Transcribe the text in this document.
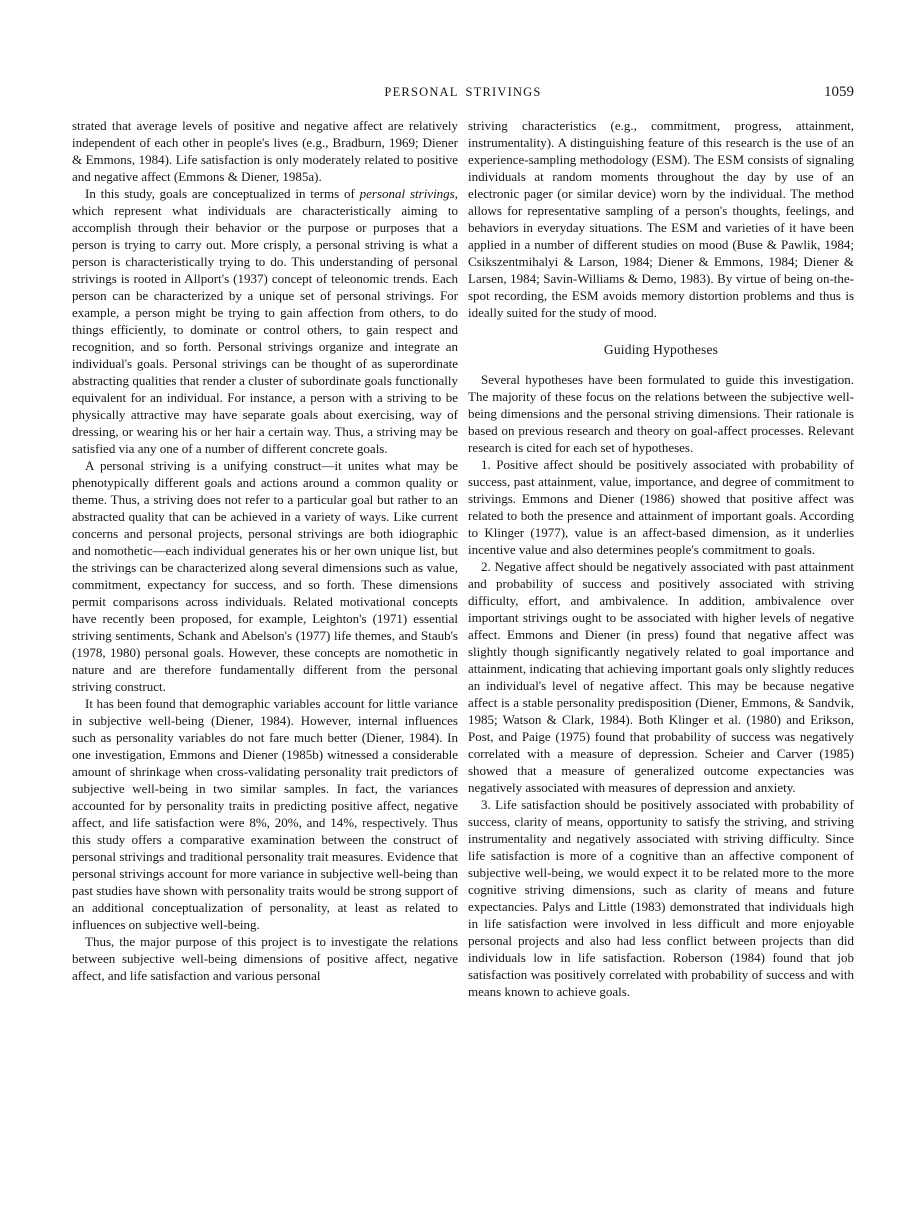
PERSONAL STRIVINGS	1059

strated that average levels of positive and negative affect are relatively independent of each other in people's lives (e.g., Bradburn, 1969; Diener & Emmons, 1984). Life satisfaction is only moderately related to positive and negative affect (Emmons & Diener, 1985a).

In this study, goals are conceptualized in terms of personal strivings, which represent what individuals are characteristically aiming to accomplish through their behavior or the purpose or purposes that a person is trying to carry out. More crisply, a personal striving is what a person is characteristically trying to do. This understanding of personal strivings is rooted in Allport's (1937) concept of teleonomic trends. Each person can be characterized by a unique set of personal strivings. For example, a person might be trying to gain affection from others, to do things efficiently, to dominate or control others, to gain respect and recognition, and so forth. Personal strivings organize and integrate an individual's goals. Personal strivings can be thought of as superordinate abstracting qualities that render a cluster of subordinate goals functionally equivalent for an individual. For instance, a person with a striving to be physically attractive may have separate goals about exercising, way of dressing, or wearing his or her hair a certain way. Thus, a striving may be satisfied via any one of a number of different concrete goals.

A personal striving is a unifying construct—it unites what may be phenotypically different goals and actions around a common quality or theme. Thus, a striving does not refer to a particular goal but rather to an abstracted quality that can be achieved in a variety of ways. Like current concerns and personal projects, personal strivings are both idiographic and nomothetic—each individual generates his or her own unique list, but the strivings can be characterized along several dimensions such as value, commitment, expectancy for success, and so forth. These dimensions permit comparisons across individuals. Related motivational concepts have recently been proposed, for example, Leighton's (1971) essential striving sentiments, Schank and Abelson's (1977) life themes, and Staub's (1978, 1980) personal goals. However, these concepts are nomothetic in nature and are therefore fundamentally different from the personal striving construct.

It has been found that demographic variables account for little variance in subjective well-being (Diener, 1984). However, internal influences such as personality variables do not fare much better (Diener, 1984). In one investigation, Emmons and Diener (1985b) witnessed a considerable amount of shrinkage when cross-validating personality trait predictors of subjective well-being in two similar samples. In fact, the variances accounted for by personality traits in predicting positive affect, negative affect, and life satisfaction were 8%, 20%, and 14%, respectively. Thus this study offers a comparative examination between the construct of personal strivings and traditional personality trait measures. Evidence that personal strivings account for more variance in subjective well-being than past studies have shown with personality traits would be strong support of an additional conceptualization of personality, at least as related to influences on subjective well-being.

Thus, the major purpose of this project is to investigate the relations between subjective well-being dimensions of positive affect, negative affect, and life satisfaction and various personal

striving characteristics (e.g., commitment, progress, attainment, instrumentality). A distinguishing feature of this research is the use of an experience-sampling methodology (ESM). The ESM consists of signaling individuals at random moments throughout the day by use of an electronic pager (or similar device) worn by the individual. The method allows for representative sampling of a person's thoughts, feelings, and behaviors in everyday situations. The ESM and varieties of it have been applied in a number of different studies on mood (Buse & Pawlik, 1984; Csikszentmihalyi & Larson, 1984; Diener & Emmons, 1984; Diener & Larsen, 1984; Savin-Williams & Demo, 1983). By virtue of being on-the-spot recording, the ESM avoids memory distortion problems and thus is ideally suited for the study of mood.

Guiding Hypotheses

Several hypotheses have been formulated to guide this investigation. The majority of these focus on the relations between the subjective well-being dimensions and the personal striving dimensions. Their rationale is based on previous research and theory on goal-affect processes. Relevant research is cited for each set of hypotheses.

1. Positive affect should be positively associated with probability of success, past attainment, value, importance, and degree of commitment to strivings. Emmons and Diener (1986) showed that positive affect was related to both the presence and attainment of important goals. According to Klinger (1977), value is an affect-based dimension, as it underlies incentive value and also determines people's commitment to goals.

2. Negative affect should be negatively associated with past attainment and probability of success and positively associated with striving difficulty, effort, and ambivalence. In addition, ambivalence over important strivings ought to be associated with higher levels of negative affect. Emmons and Diener (in press) found that negative affect was slightly though significantly negatively related to goal importance and attainment, indicating that achieving important goals only slightly reduces an individual's level of negative affect. This may be because negative affect is a stable personality predisposition (Diener, Emmons, & Sandvik, 1985; Watson & Clark, 1984). Both Klinger et al. (1980) and Erikson, Post, and Paige (1975) found that probability of success was negatively correlated with a measure of depression. Scheier and Carver (1985) showed that a measure of generalized outcome expectancies was negatively associated with measures of depression and anxiety.

3. Life satisfaction should be positively associated with probability of success, clarity of means, opportunity to satisfy the striving, and striving instrumentality and negatively associated with striving difficulty. Since life satisfaction is more of a cognitive than an affective component of subjective well-being, we would expect it to be related more to the more cognitive striving dimensions, such as clarity of means and future expectancies. Palys and Little (1983) demonstrated that individuals high in life satisfaction were involved in less difficult and more enjoyable personal projects and also had less conflict between projects than did individuals low in life satisfaction. Roberson (1984) found that job satisfaction was positively correlated with probability of success and with means known to achieve goals.
